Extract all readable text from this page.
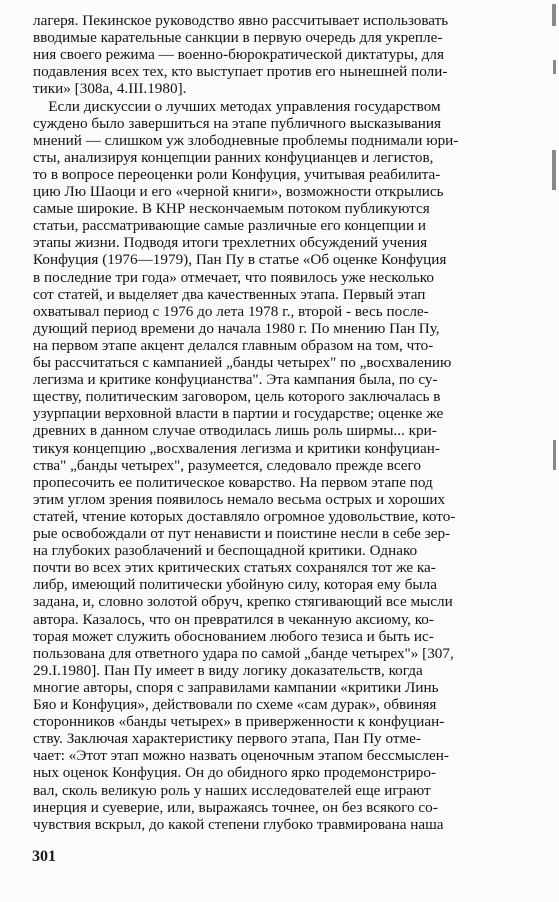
лагеря. Пекинское руководство явно рассчитывает использовать
вводимые карательные санкции в первую очередь для укрепле-
ния своего режима — военно-бюрократической диктатуры, для
подавления всех тех, кто выступает против его нынешней поли-
тики» [308а, 4.III.1980].
Если дискуссии о лучших методах управления государством
суждено было завершиться на этапе публичного высказывания
мнений — слишком уж злободневные проблемы поднимали юри-
сты, анализируя концепции ранних конфуцианцев и легистов,
то в вопросе переоценки роли Конфуция, учитывая реабилита-
цию Лю Шаоци и его «черной книги», возможности открылись
самые широкие. В КНР нескончаемым потоком публикуются
статьи, рассматривающие самые различные его концепции и
этапы жизни. Подводя итоги трехлетних обсуждений учения
Конфуция (1976—1979), Пан Пу в статье «Об оценке Конфуция
в последние три года» отмечает, что появилось уже несколько
сот статей, и выделяет два качественных этапа. Первый этап
охватывал период с 1976 до лета 1978 г., второй - весь после-
дующий период времени до начала 1980 г. По мнению Пан Пу,
на первом этапе акцент делался главным образом на том, что-
бы рассчитаться с кампанией „банды четырех" по „восхвалению
легизма и критике конфуцианства". Эта кампания была, по су-
ществу, политическим заговором, цель которого заключалась в
узурпации верховной власти в партии и государстве; оценке же
древних в данном случае отводилась лишь роль ширмы... кри-
тикуя концепцию „восхваления легизма и критики конфуциан-
ства" „банды четырех", разумеется, следовало прежде всего
пропесочить ее политическое коварство. На первом этапе под
этим углом зрения появилось немало весьма острых и хороших
статей, чтение которых доставляло огромное удовольствие, кото-
рые освобождали от пут ненависти и поистине несли в себе зер-
на глубоких разоблачений и беспощадной критики. Однако
почти во всех этих критических статьях сохранялся тот же ка-
либр, имеющий политически убойную силу, которая ему была
задана, и, словно золотой обруч, крепко стягивающий все мысли
автора. Казалось, что он превратился в чеканную аксиому, ко-
торая может служить обоснованием любого тезиса и быть ис-
пользована для ответного удара по самой „банде четырех"» [307,
29.I.1980]. Пан Пу имеет в виду логику доказательств, когда
многие авторы, споря с заправилами кампании «критики Линь
Бяо и Конфуция», действовали по схеме «сам дурак», обвиняя
сторонников «банды четырех» в приверженности к конфуциан-
ству. Заключая характеристику первого этапа, Пан Пу отме-
чает: «Этот этап можно назвать оценочным этапом бессмыслен-
ных оценок Конфуция. Он до обидного ярко продемонстриро-
вал, сколь великую роль у наших исследователей еще играют
инерция и суеверие, или, выражаясь точнее, он без всякого со-
чувствия вскрыл, до какой степени глубоко травмирована наша
301
